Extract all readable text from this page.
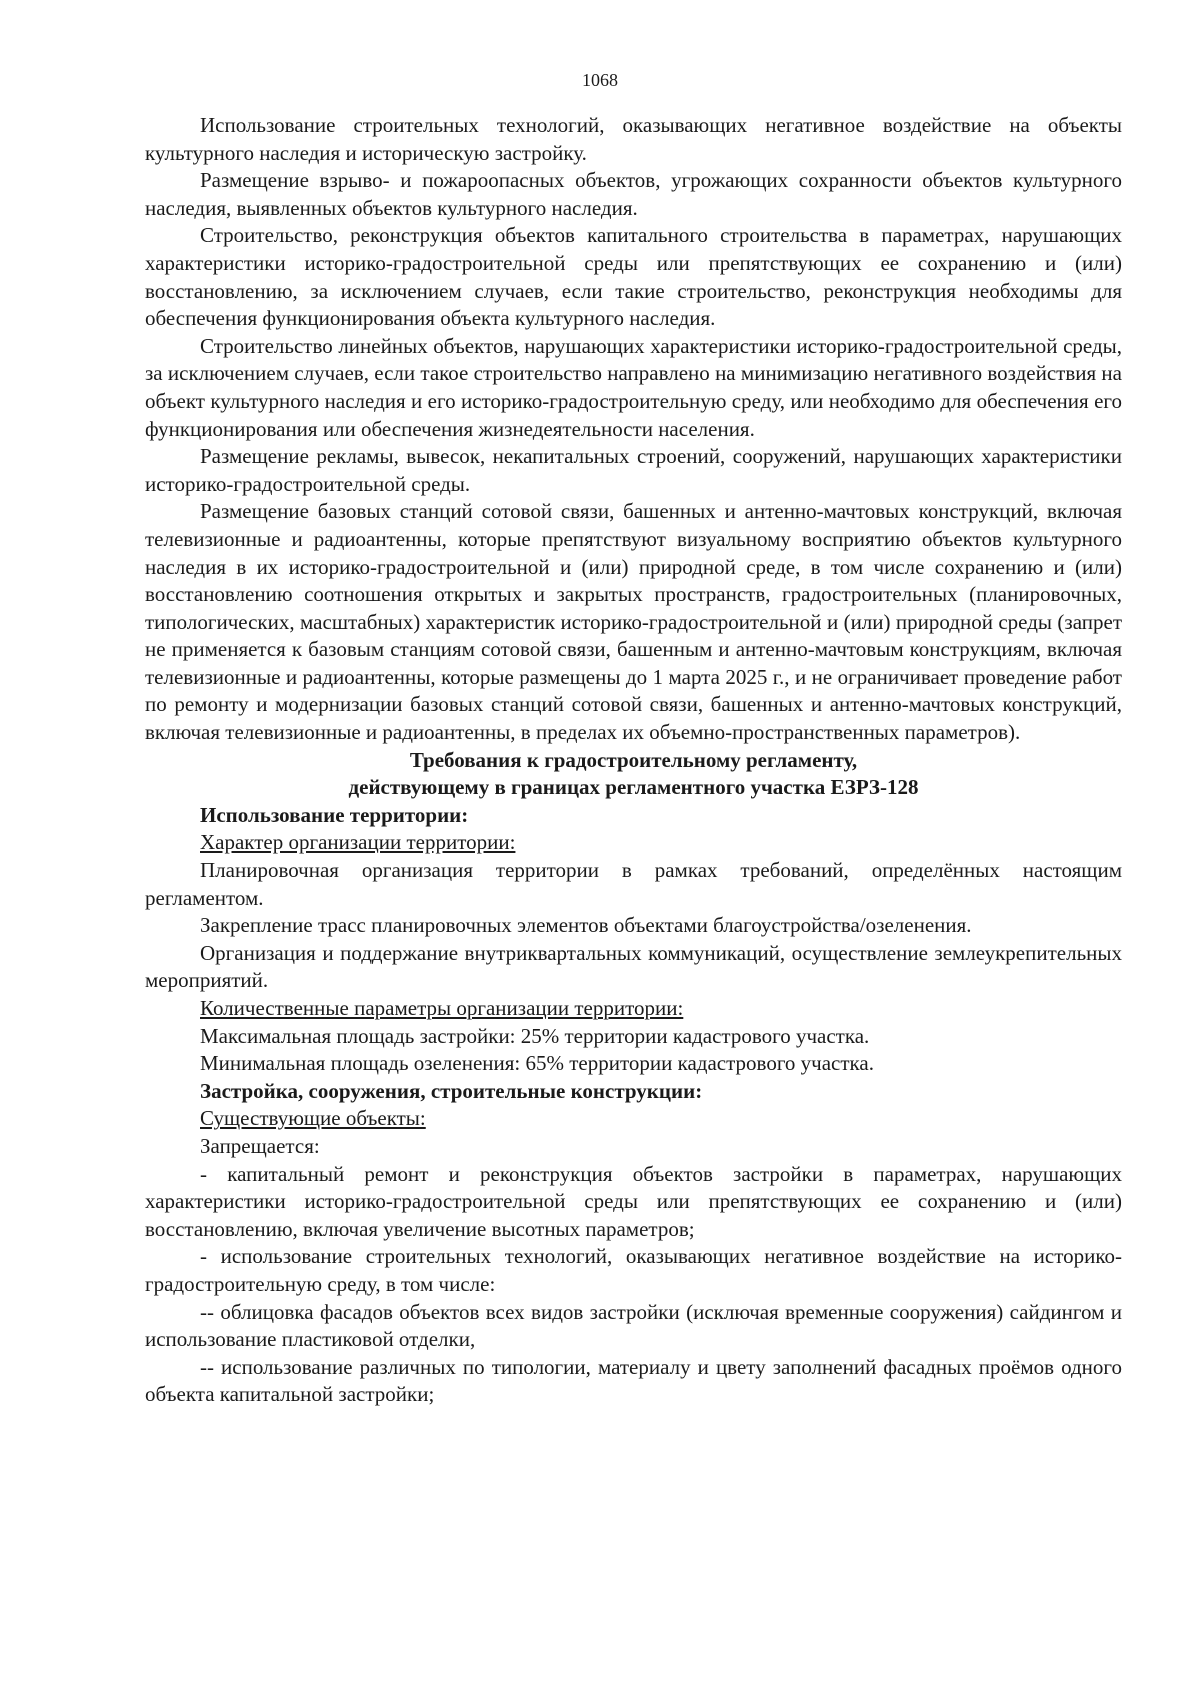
1068

Использование строительных технологий, оказывающих негативное воздействие на объекты культурного наследия и историческую застройку.

Размещение взрыво- и пожароопасных объектов, угрожающих сохранности объектов культурного наследия, выявленных объектов культурного наследия.

Строительство, реконструкция объектов капитального строительства в параметрах, нарушающих характеристики историко-градостроительной среды или препятствующих ее сохранению и (или) восстановлению, за исключением случаев, если такие строительство, реконструкция необходимы для обеспечения функционирования объекта культурного наследия.

Строительство линейных объектов, нарушающих характеристики историко-градостроительной среды, за исключением случаев, если такое строительство направлено на минимизацию негативного воздействия на объект культурного наследия и его историко-градостроительную среду, или необходимо для обеспечения его функционирования или обеспечения жизнедеятельности населения.

Размещение рекламы, вывесок, некапитальных строений, сооружений, нарушающих характеристики историко-градостроительной среды.

Размещение базовых станций сотовой связи, башенных и антенно-мачтовых конструкций, включая телевизионные и радиоантенны, которые препятствуют визуальному восприятию объектов культурного наследия в их историко-градостроительной и (или) природной среде, в том числе сохранению и (или) восстановлению соотношения открытых и закрытых пространств, градостроительных (планировочных, типологических, масштабных) характеристик историко-градостроительной и (или) природной среды (запрет не применяется к базовым станциям сотовой связи, башенным и антенно-мачтовым конструкциям, включая телевизионные и радиоантенны, которые размещены до 1 марта 2025 г., и не ограничивает проведение работ по ремонту и модернизации базовых станций сотовой связи, башенных и антенно-мачтовых конструкций, включая телевизионные и радиоантенны, в пределах их объемно-пространственных параметров).

Требования к градостроительному регламенту,

действующему в границах регламентного участка ЕЗРЗ-128

Использование территории:

Характер организации территории:

Планировочная организация территории в рамках требований, определённых настоящим регламентом.

Закрепление трасс планировочных элементов объектами благоустройства/озеленения.

Организация и поддержание внутриквартальных коммуникаций, осуществление землеукрепительных мероприятий.

Количественные параметры организации территории:

Максимальная площадь застройки: 25% территории кадастрового участка.

Минимальная площадь озеленения: 65% территории кадастрового участка.

Застройка, сооружения, строительные конструкции:

Существующие объекты:

Запрещается:

- капитальный ремонт и реконструкция объектов застройки в параметрах, нарушающих характеристики историко-градостроительной среды или препятствующих ее сохранению и (или) восстановлению, включая увеличение высотных параметров;

- использование строительных технологий, оказывающих негативное воздействие на историко-градостроительную среду, в том числе:

-- облицовка фасадов объектов всех видов застройки (исключая временные сооружения) сайдингом и использование пластиковой отделки,

-- использование различных по типологии, материалу и цвету заполнений фасадных проёмов одного объекта капитальной застройки;
